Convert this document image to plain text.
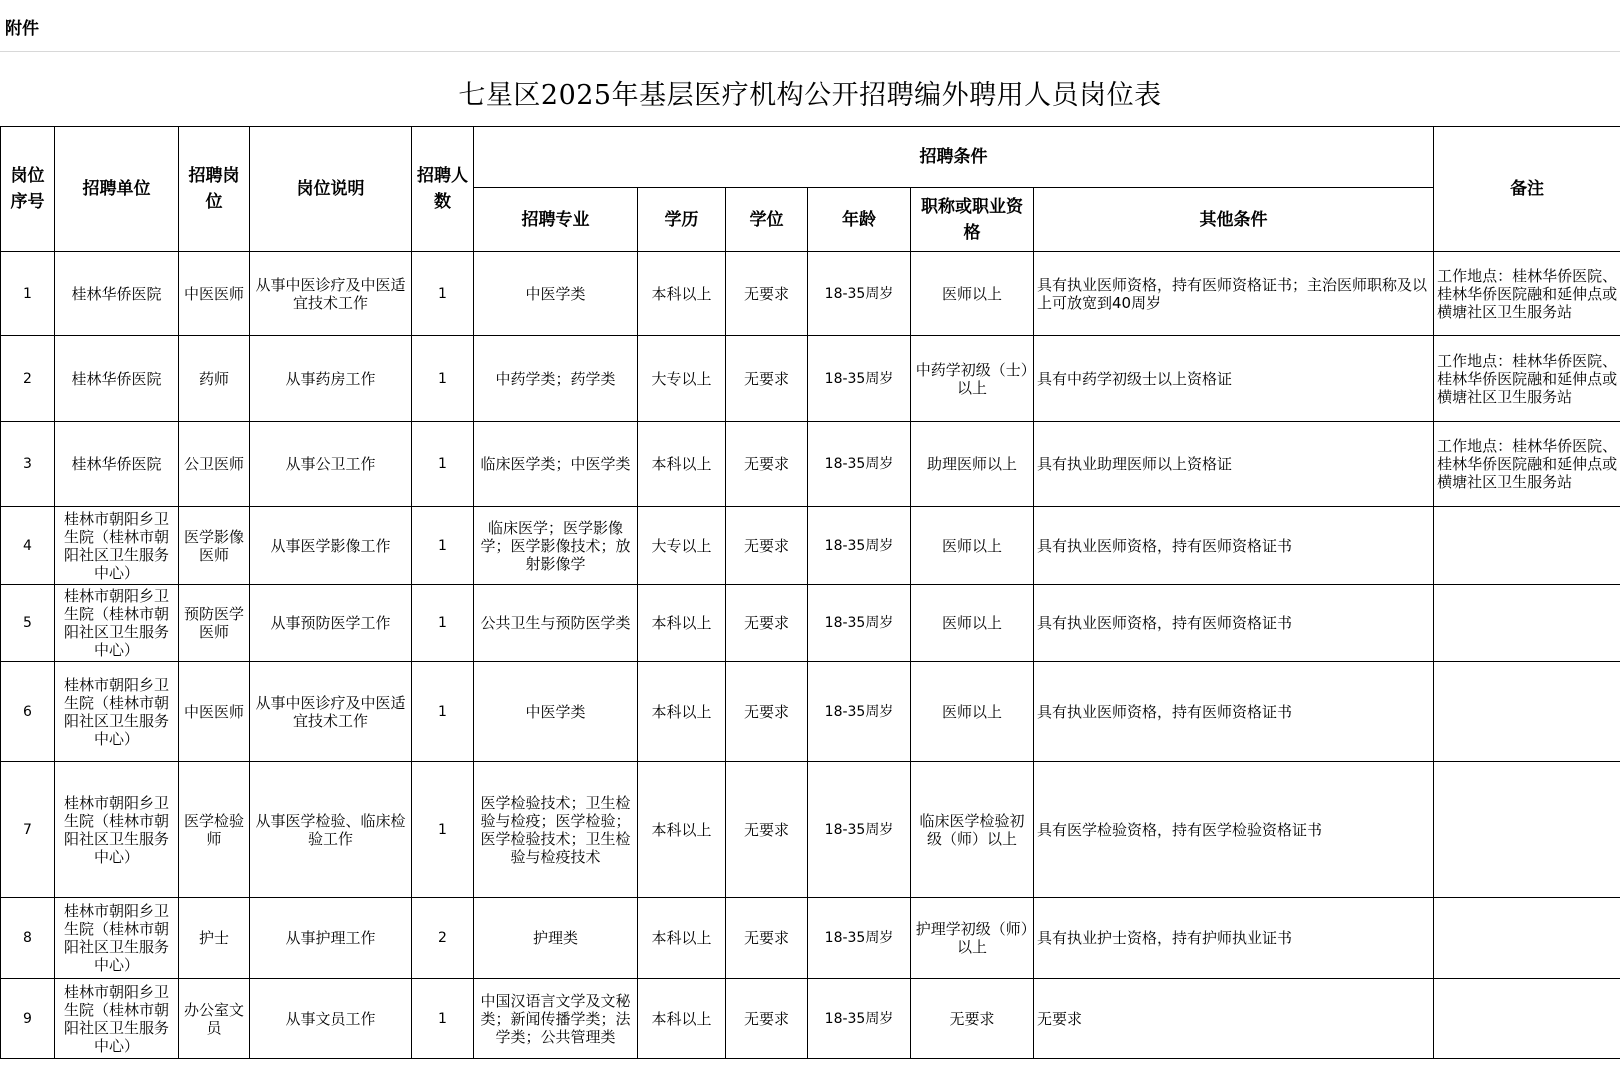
附件
七星区2025年基层医疗机构公开招聘编外聘用人员岗位表
岗位序号	招聘单位	招聘岗位	岗位说明	招聘人数	招聘条件						备注
					招聘专业	学历	学位	年龄	职称或职业资格	其他条件	
1	桂林华侨医院	中医医师	从事中医诊疗及中医适宜技术工作	1	中医学类	本科以上	无要求	18-35周岁	医师以上	具有执业医师资格，持有医师资格证书；主治医师职称及以上可放宽到40周岁	工作地点：桂林华侨医院、桂林华侨医院融和延伸点或横塘社区卫生服务站
2	桂林华侨医院	药师	从事药房工作	1	中药学类；药学类	大专以上	无要求	18-35周岁	中药学初级（士）以上	具有中药学初级士以上资格证	工作地点：桂林华侨医院、桂林华侨医院融和延伸点或横塘社区卫生服务站
3	桂林华侨医院	公卫医师	从事公卫工作	1	临床医学类；中医学类	本科以上	无要求	18-35周岁	助理医师以上	具有执业助理医师以上资格证	工作地点：桂林华侨医院、桂林华侨医院融和延伸点或横塘社区卫生服务站
4	桂林市朝阳乡卫生院（桂林市朝阳社区卫生服务中心）	医学影像医师	从事医学影像工作	1	临床医学；医学影像学；医学影像技术；放射影像学	大专以上	无要求	18-35周岁	医师以上	具有执业医师资格，持有医师资格证书	
5	桂林市朝阳乡卫生院（桂林市朝阳社区卫生服务中心）	预防医学医师	从事预防医学工作	1	公共卫生与预防医学类	本科以上	无要求	18-35周岁	医师以上	具有执业医师资格，持有医师资格证书	
6	桂林市朝阳乡卫生院（桂林市朝阳社区卫生服务中心）	中医医师	从事中医诊疗及中医适宜技术工作	1	中医学类	本科以上	无要求	18-35周岁	医师以上	具有执业医师资格，持有医师资格证书	
7	桂林市朝阳乡卫生院（桂林市朝阳社区卫生服务中心）	医学检验师	从事医学检验、临床检验工作	1	医学检验技术；卫生检验与检疫；医学检验；医学检验技术；卫生检验与检疫技术	本科以上	无要求	18-35周岁	临床医学检验初级（师）以上	具有医学检验资格，持有医学检验资格证书	
8	桂林市朝阳乡卫生院（桂林市朝阳社区卫生服务中心）	护士	从事护理工作	2	护理类	本科以上	无要求	18-35周岁	护理学初级（师）以上	具有执业护士资格，持有护师执业证书	
9	桂林市朝阳乡卫生院（桂林市朝阳社区卫生服务中心）	办公室文员	从事文员工作	1	中国汉语言文学及文秘类；新闻传播学类；法学类；公共管理类	本科以上	无要求	18-35周岁	无要求	无要求	
